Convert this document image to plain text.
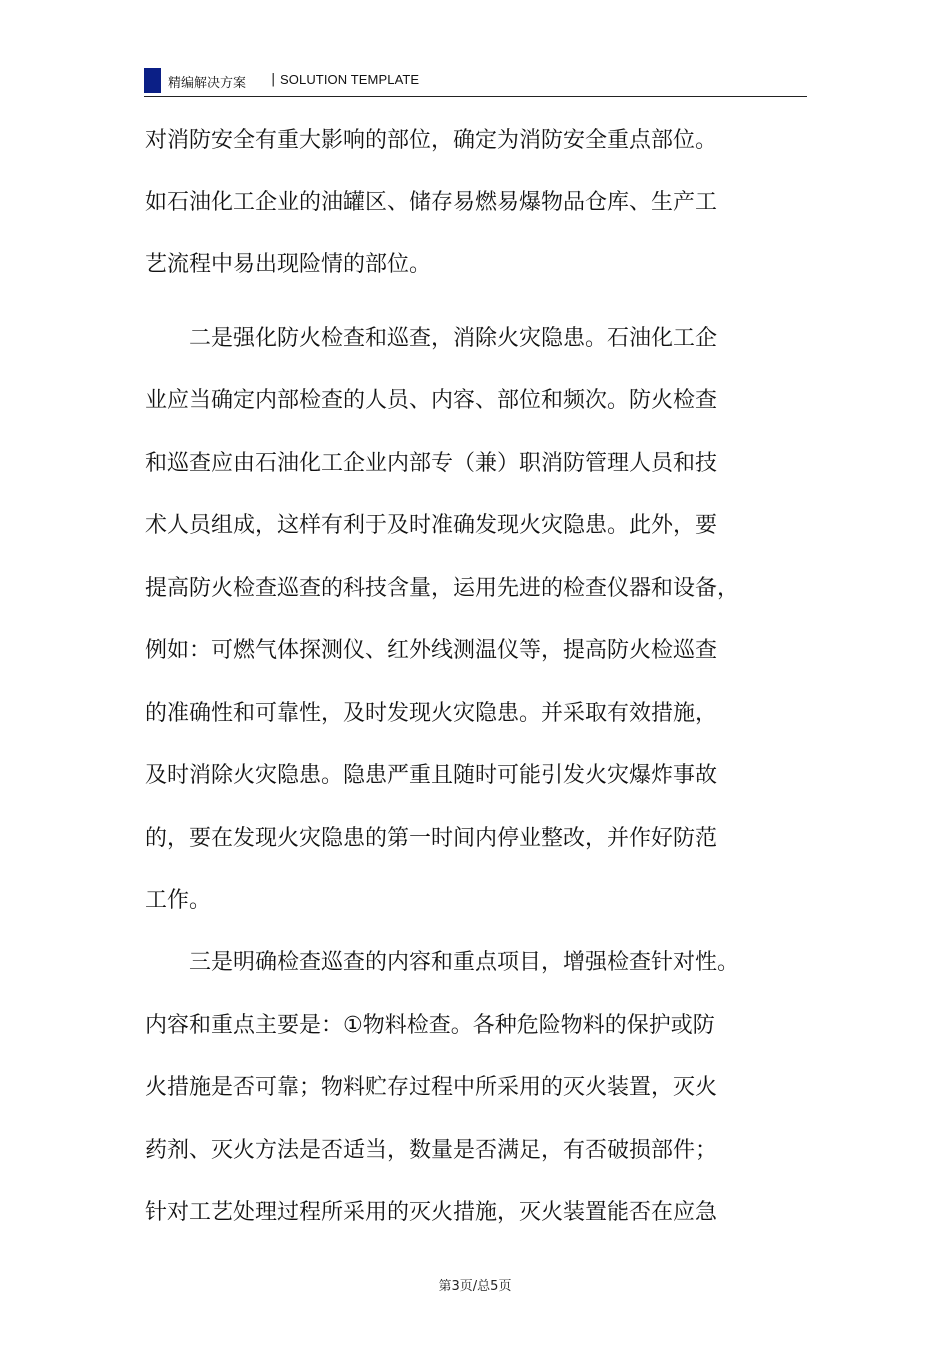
精编解决方案 | SOLUTION TEMPLATE
对消防安全有重大影响的部位，确定为消防安全重点部位。
如石油化工企业的油罐区、储存易燃易爆物品仓库、生产工
艺流程中易出现险情的部位。
　　二是强化防火检查和巡查，消除火灾隐患。石油化工企
业应当确定内部检查的人员、内容、部位和频次。防火检查
和巡查应由石油化工企业内部专（兼）职消防管理人员和技
术人员组成，这样有利于及时准确发现火灾隐患。此外，要
提高防火检查巡查的科技含量，运用先进的检查仪器和设备，
例如：可燃气体探测仪、红外线测温仪等，提高防火检巡查
的准确性和可靠性，及时发现火灾隐患。并采取有效措施，
及时消除火灾隐患。隐患严重且随时可能引发火灾爆炸事故
的，要在发现火灾隐患的第一时间内停业整改，并作好防范
工作。
　　三是明确检查巡查的内容和重点项目，增强检查针对性。
内容和重点主要是：①物料检查。各种危险物料的保护或防
火措施是否可靠；物料贮存过程中所采用的灭火装置，灭火
药剂、灭火方法是否适当，数量是否满足，有否破损部件；
针对工艺处理过程所采用的灭火措施，灭火装置能否在应急
第3页/总5页
